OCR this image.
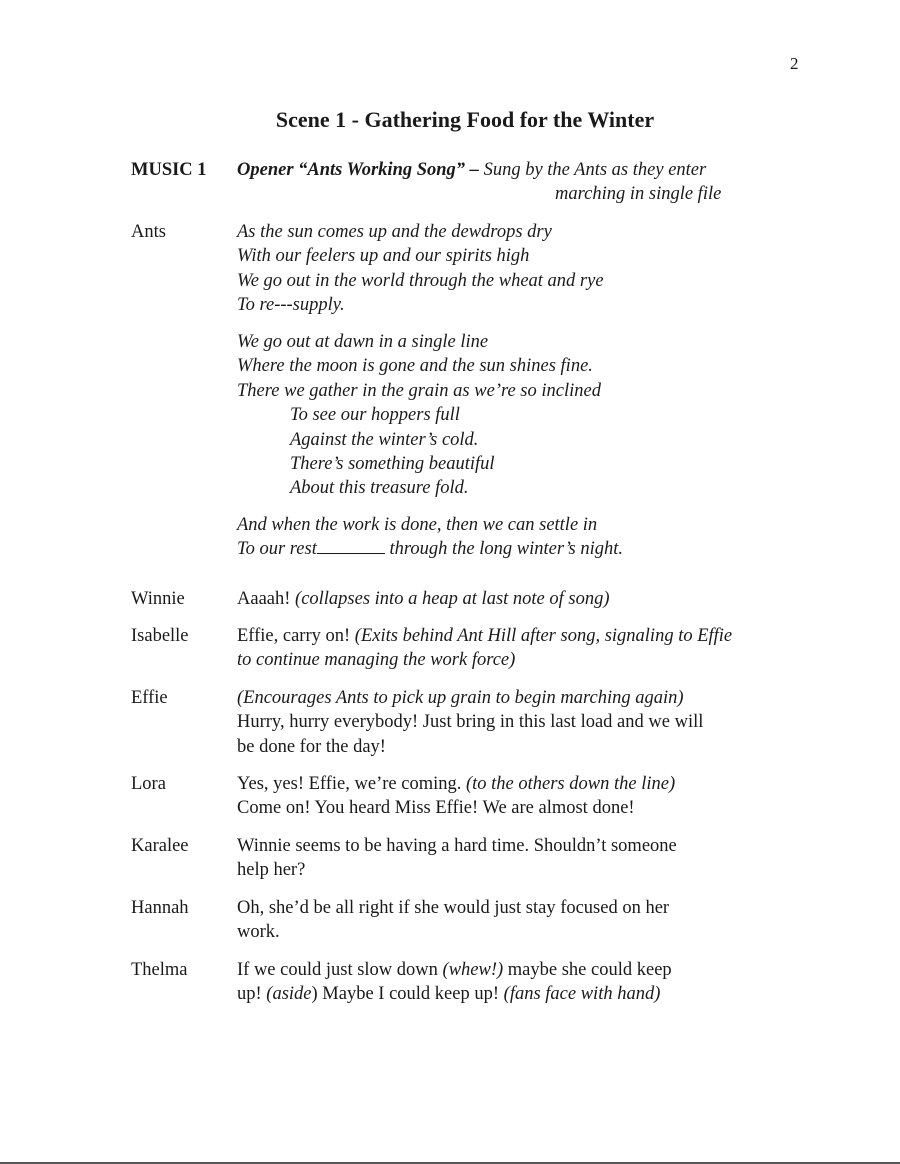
2
Scene 1 - Gathering Food for the Winter
MUSIC 1	Opener “Ants Working Song” – Sung by the Ants as they enter
marching in single file
Ants	As the sun comes up and the dewdrops dry
With our feelers up and our spirits high
We go out in the world through the wheat and rye
To re---supply.
We go out at dawn in a single line
Where the moon is gone and the sun shines fine.
There we gather in the grain as we’re so inclined
To see our hoppers full
Against the winter’s cold.
There’s something beautiful
About this treasure fold.
And when the work is done, then we can settle in
To our rest	through the long winter’s night.
Winnie	Aaaah! (collapses into a heap at last note of song)
Isabelle	Effie, carry on! (Exits behind Ant Hill after song, signaling to Effie
to continue managing the work force)
Effie	(Encourages Ants to pick up grain to begin marching again)
Hurry, hurry everybody! Just bring in this last load and we will
be done for the day!
Lora	Yes, yes! Effie, we’re coming. (to the others down the line)
Come on! You heard Miss Effie! We are almost done!
Karalee	Winnie seems to be having a hard time. Shouldn’t someone
help her?
Hannah	Oh, she’d be all right if she would just stay focused on her
work.
Thelma	If we could just slow down (whew!) maybe she could keep
up! (aside) Maybe I could keep up! (fans face with hand)
